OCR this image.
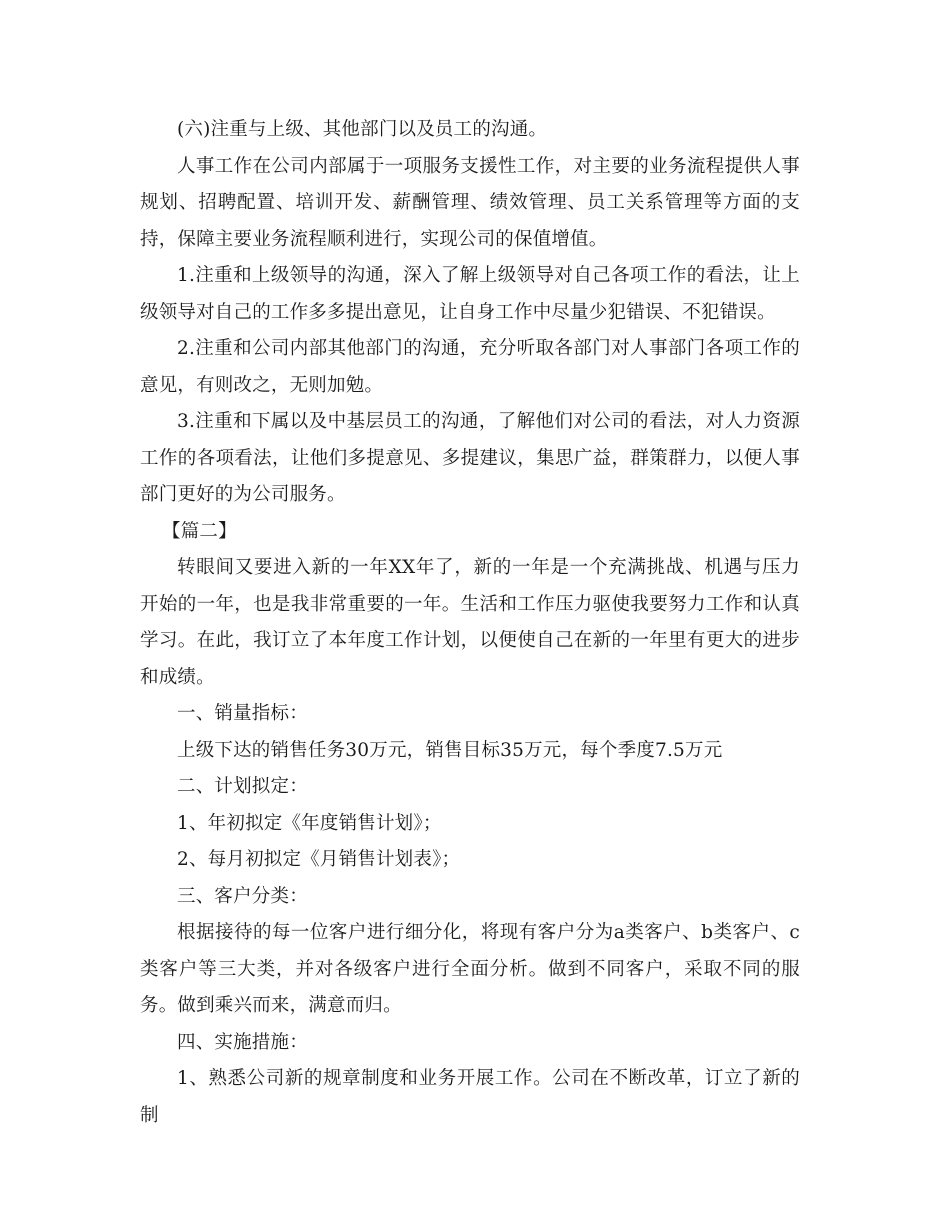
(六)注重与上级、其他部门以及员工的沟通。

人事工作在公司内部属于一项服务支援性工作，对主要的业务流程提供人事规划、招聘配置、培训开发、薪酬管理、绩效管理、员工关系管理等方面的支持，保障主要业务流程顺利进行，实现公司的保值增值。

1.注重和上级领导的沟通，深入了解上级领导对自己各项工作的看法，让上级领导对自己的工作多多提出意见，让自身工作中尽量少犯错误、不犯错误。

2.注重和公司内部其他部门的沟通，充分听取各部门对人事部门各项工作的意见，有则改之，无则加勉。

3.注重和下属以及中基层员工的沟通，了解他们对公司的看法，对人力资源工作的各项看法，让他们多提意见、多提建议，集思广益，群策群力，以便人事部门更好的为公司服务。

【篇二】

转眼间又要进入新的一年XX年了，新的一年是一个充满挑战、机遇与压力开始的一年，也是我非常重要的一年。生活和工作压力驱使我要努力工作和认真学习。在此，我订立了本年度工作计划，以便使自己在新的一年里有更大的进步和成绩。

一、销量指标：

上级下达的销售任务30万元，销售目标35万元，每个季度7.5万元

二、计划拟定：

1、年初拟定《年度销售计划》；

2、每月初拟定《月销售计划表》；

三、客户分类：

根据接待的每一位客户进行细分化，将现有客户分为a类客户、b类客户、c类客户等三大类，并对各级客户进行全面分析。做到不同客户，采取不同的服务。做到乘兴而来，满意而归。

四、实施措施：

1、熟悉公司新的规章制度和业务开展工作。公司在不断改革，订立了新的制
